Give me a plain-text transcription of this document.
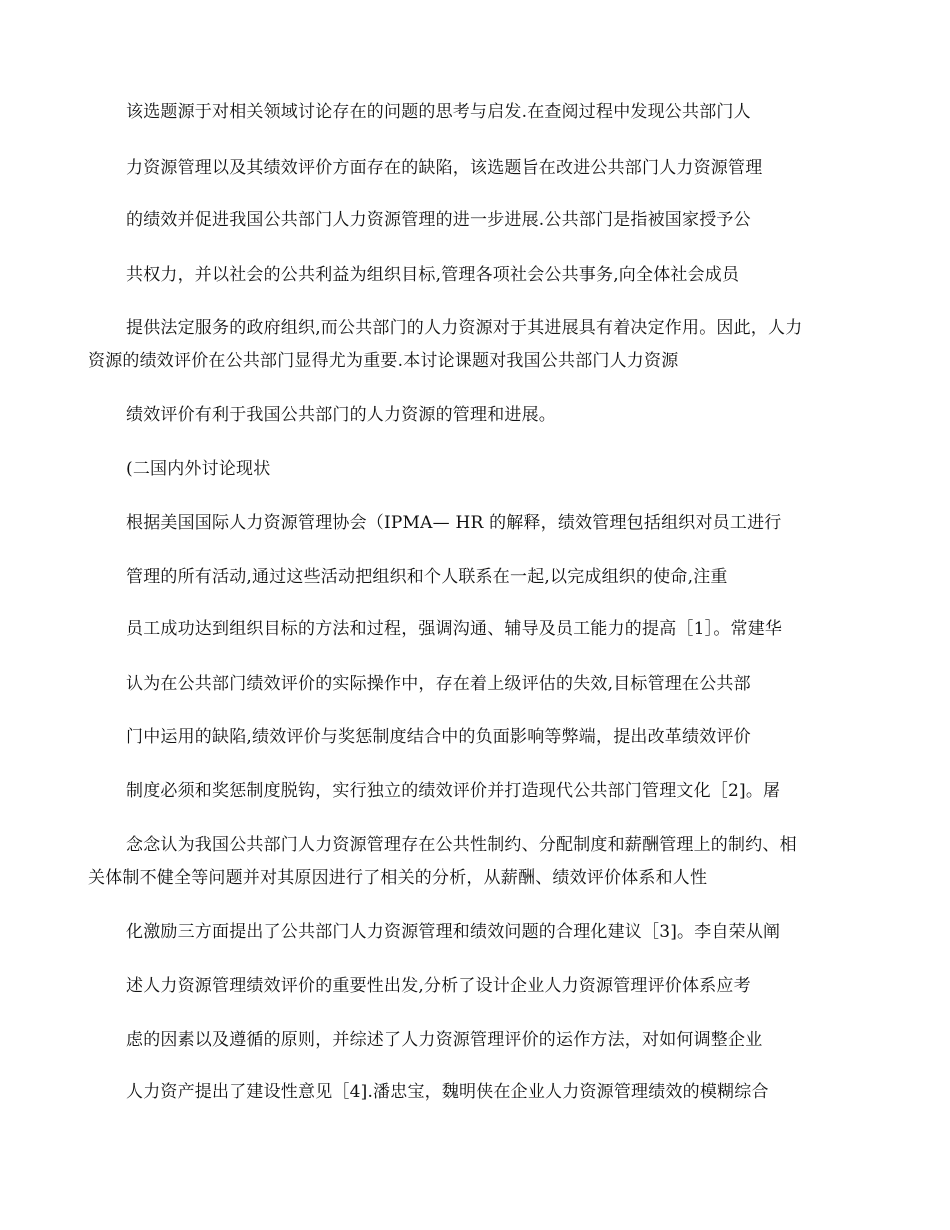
该选题源于对相关领域讨论存在的问题的思考与启发.在查阅过程中发现公共部门人
力资源管理以及其绩效评价方面存在的缺陷，该选题旨在改进公共部门人力资源管理
的绩效并促进我国公共部门人力资源管理的进一步进展.公共部门是指被国家授予公
共权力，并以社会的公共利益为组织目标,管理各项社会公共事务,向全体社会成员
提供法定服务的政府组织,而公共部门的人力资源对于其进展具有着决定作用。因此，人力
资源的绩效评价在公共部门显得尤为重要.本讨论课题对我国公共部门人力资源
绩效评价有利于我国公共部门的人力资源的管理和进展。
(二国内外讨论现状
根据美国国际人力资源管理协会（IPMA— HR 的解释，绩效管理包括组织对员工进行
管理的所有活动,通过这些活动把组织和个人联系在一起,以完成组织的使命,注重
员工成功达到组织目标的方法和过程，强调沟通、辅导及员工能力的提高［1］。常建华
认为在公共部门绩效评价的实际操作中，存在着上级评估的失效,目标管理在公共部
门中运用的缺陷,绩效评价与奖惩制度结合中的负面影响等弊端，提出改革绩效评价
制度必须和奖惩制度脱钩，实行独立的绩效评价并打造现代公共部门管理文化［2]。屠
念念认为我国公共部门人力资源管理存在公共性制约、分配制度和薪酬管理上的制约、相
关体制不健全等问题并对其原因进行了相关的分析，从薪酬、绩效评价体系和人性
化激励三方面提出了公共部门人力资源管理和绩效问题的合理化建议［3]。李自荣从阐
述人力资源管理绩效评价的重要性出发,分析了设计企业人力资源管理评价体系应考
虑的因素以及遵循的原则，并综述了人力资源管理评价的运作方法，对如何调整企业
人力资产提出了建设性意见［4].潘忠宝，魏明侠在企业人力资源管理绩效的模糊综合
